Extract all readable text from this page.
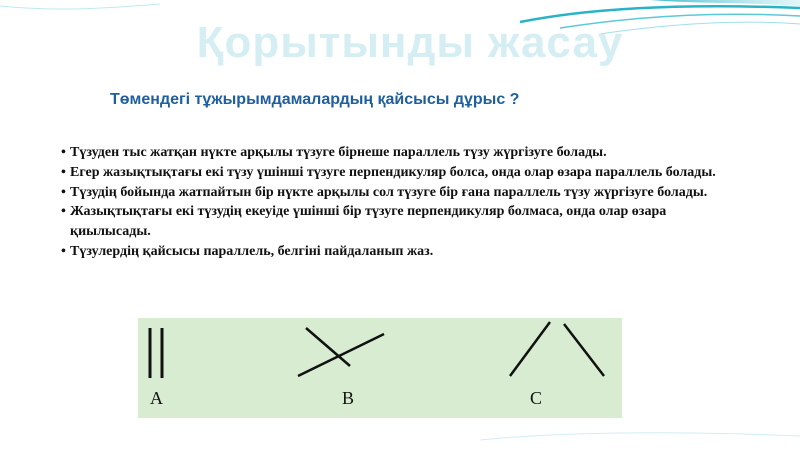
Қорытынды жасау
Төмендегі тұжырымдамалардың қайсысы дұрыс ?
• Түзуден тыс жатқан нүкте арқылы түзуге бірнеше параллель түзу жүргізуге болады.
• Егер жазықтықтағы екі түзу үшінші түзуге перпендикуляр болса, онда олар өзара параллель болады.
• Түзудің бойында жатпайтын бір нүкте арқылы сол түзуге бір ғана параллель түзу жүргізуге болады.
• Жазықтықтағы екі түзудің екеуіде үшінші бір түзуге перпендикуляр болмаса, онда олар өзара қиылысады.
• Түзулердің қайсысы параллель, белгіні пайдаланып жаз.
A	B	C
